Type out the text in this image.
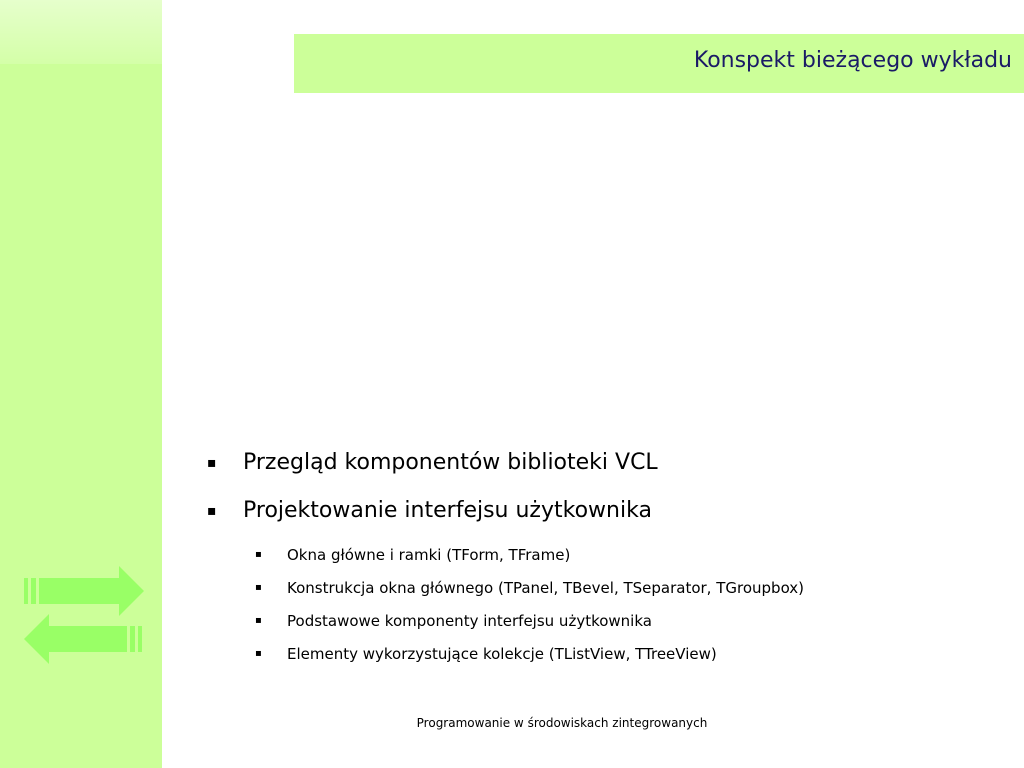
Konspekt bieżącego wykładu
▪ Przegląd komponentów biblioteki VCL
▪ Projektowanie interfejsu użytkownika
▪ Okna główne i ramki (TForm, TFrame)
▪ Konstrukcja okna głównego (TPanel, TBevel, TSeparator, TGroupbox)
▪ Podstawowe komponenty interfejsu użytkownika
▪ Elementy wykorzystujące kolekcje (TListView, TTreeView)
Programowanie w środowiskach zintegrowanych
